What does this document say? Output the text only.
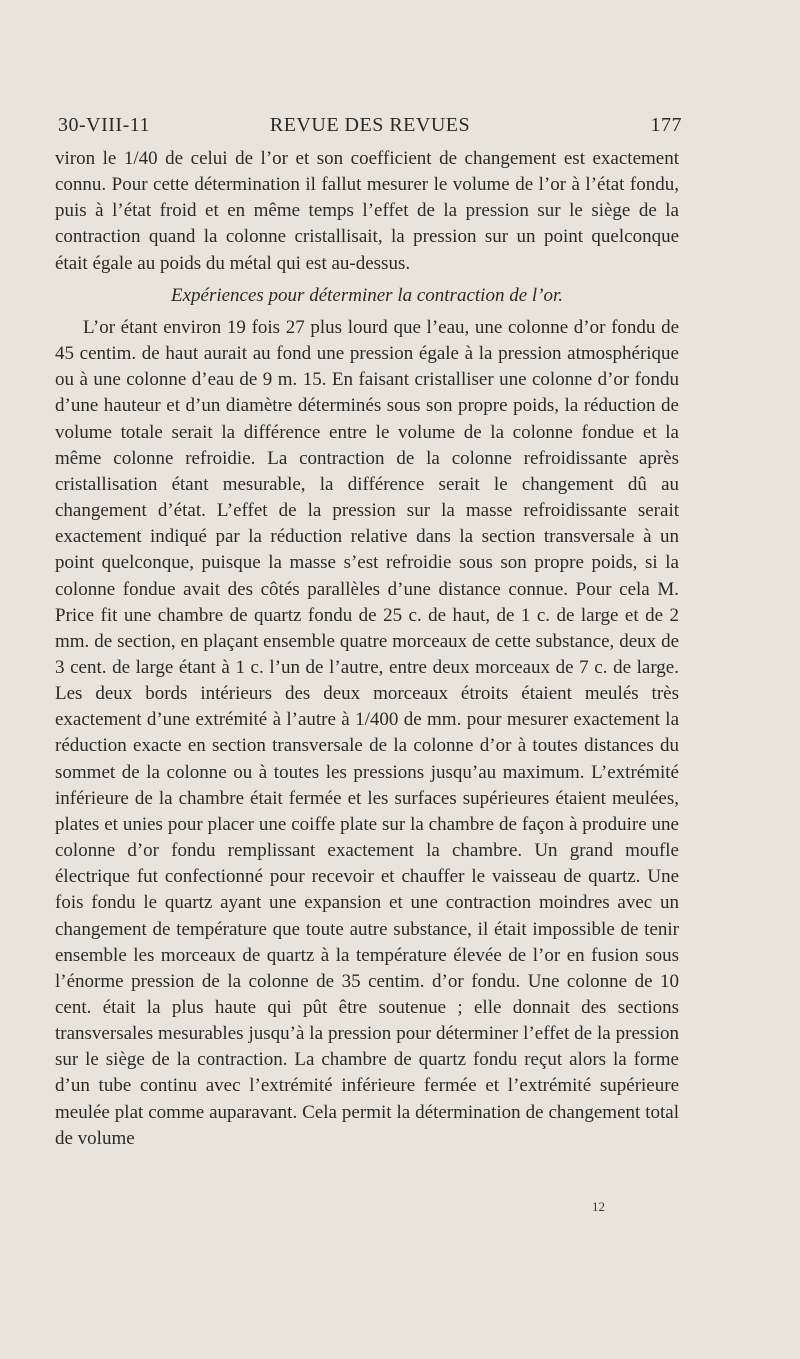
30-VIII-11	REVUE DES REVUES	177

viron le 1/40 de celui de l’or et son coefficient de changement est exactement connu. Pour cette détermination il fallut mesurer le volume de l’or à l’état fondu, puis à l’état froid et en même temps l’effet de la pression sur le siège de la contraction quand la colonne cristallisait, la pression sur un point quelconque était égale au poids du métal qui est au-dessus.

Expériences pour déterminer la contraction de l’or.

L’or étant environ 19 fois 27 plus lourd que l’eau, une colonne d’or fondu de 45 centim. de haut aurait au fond une pression égale à la pression atmosphérique ou à une colonne d’eau de 9 m. 15. En faisant cristalliser une colonne d’or fondu d’une hauteur et d’un diamètre déterminés sous son propre poids, la réduction de volume totale serait la différence entre le volume de la colonne fondue et la même colonne refroidie. La contraction de la colonne refroidissante après cristallisation étant mesurable, la différence serait le changement dû au changement d’état. L’effet de la pression sur la masse refroidissante serait exactement indiqué par la réduction relative dans la section transversale à un point quelconque, puisque la masse s’est refroidie sous son propre poids, si la colonne fondue avait des côtés parallèles d’une distance connue. Pour cela M. Price fit une chambre de quartz fondu de 25 c. de haut, de 1 c. de large et de 2 mm. de section, en plaçant ensemble quatre morceaux de cette substance, deux de 3 cent. de large étant à 1 c. l’un de l’autre, entre deux morceaux de 7 c. de large. Les deux bords intérieurs des deux morceaux étroits étaient meulés très exactement d’une extrémité à l’autre à 1/400 de mm. pour mesurer exactement la réduction exacte en section transversale de la colonne d’or à toutes distances du sommet de la colonne ou à toutes les pressions jusqu’au maximum. L’extrémité inférieure de la chambre était fermée et les surfaces supérieures étaient meulées, plates et unies pour placer une coiffe plate sur la chambre de façon à produire une colonne d’or fondu remplissant exactement la chambre. Un grand moufle électrique fut confectionné pour recevoir et chauffer le vaisseau de quartz. Une fois fondu le quartz ayant une expansion et une contraction moindres avec un changement de température que toute autre substance, il était impossible de tenir ensemble les morceaux de quartz à la température élevée de l’or en fusion sous l’énorme pression de la colonne de 35 centim. d’or fondu. Une colonne de 10 cent. était la plus haute qui pût être soutenue ; elle donnait des sections transversales mesurables jusqu’à la pression pour déterminer l’effet de la pression sur le siège de la contraction. La chambre de quartz fondu reçut alors la forme d’un tube continu avec l’extrémité inférieure fermée et l’extrémité supérieure meulée plat comme auparavant. Cela permit la détermination de changement total de volume

12
